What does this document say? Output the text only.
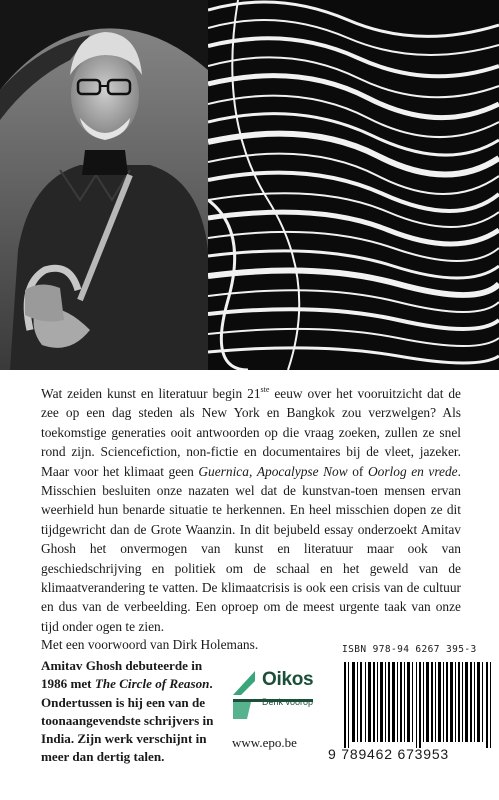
Wat zeiden kunst en literatuur begin 21ste eeuw over het vooruitzicht dat de zee op een dag steden als New York en Bangkok zou verzwelgen? Als toekomstige generaties ooit antwoorden op die vraag zoeken, zullen ze snel rond zijn. Sciencefiction, non-fictie en documentaires bij de vleet, jazeker. Maar voor het klimaat geen Guernica, Apocalypse Now of Oorlog en vrede. Misschien besluiten onze nazaten wel dat de kunstvan-toen mensen ervan weerhield hun benarde situatie te herkennen. En heel misschien dopen ze dit tijdgewricht dan de Grote Waanzin. In dit bejubeld essay onderzoekt Amitav Ghosh het onvermogen van kunst en literatuur maar ook van geschiedschrijving en politiek om de schaal en het geweld van de klimaatverandering te vatten. De klimaatcrisis is ook een crisis van de cultuur en dus van de verbeelding. Een oproep om de meest urgente taak van onze tijd onder ogen te zien.

Met een voorwoord van Dirk Holemans.

Amitav Ghosh debuteerde in 1986 met The Circle of Reason. Ondertussen is hij een van de toonaangevendste schrijvers in India. Zijn werk verschijnt in meer dan dertig talen.

Oikos
Denk voorop

www.epo.be

ISBN 978-94 6267 395-3
9 789462 673953
